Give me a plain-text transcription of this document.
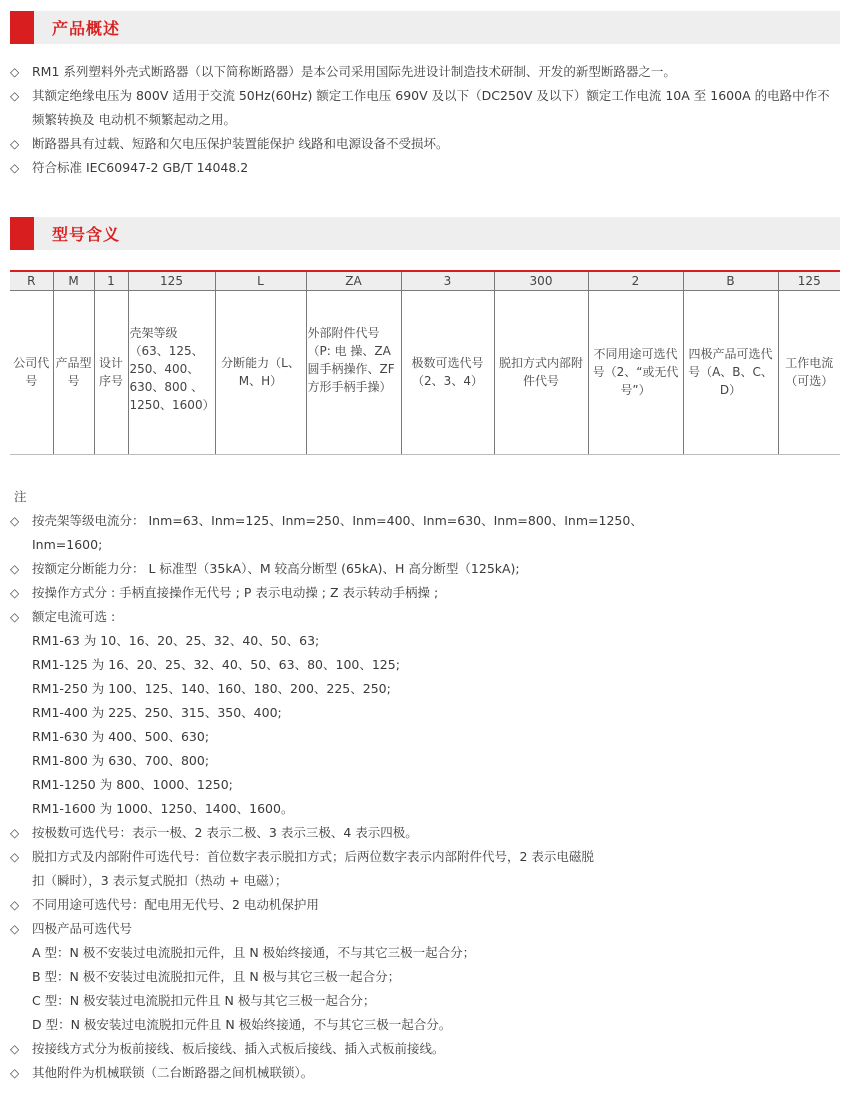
产品概述
◇	RM1 系列塑料外壳式断路器（以下简称断路器）是本公司采用国际先进设计制造技术研制、开发的新型断路器之一。
◇	其额定绝缘电压为 800V 适用于交流 50Hz(60Hz) 额定工作电压 690V 及以下（DC250V 及以下）额定工作电流 10A 至 1600A 的电路中作不频繁转换及 电动机不频繁起动之用。
◇	断路器具有过载、短路和欠电压保护装置能保护 线路和电源设备不受损坏。
◇	符合标准 IEC60947-2 GB/T 14048.2
型号含义
R	M	1	125	L	ZA	3	300	2	B	125
公司代号	产品型号	设计序号	壳架等级（63、125、250、400、630、800 、1250、1600）	分断能力（L、M、H）	外部附件代号（P: 电 操、ZA 圆手柄操作、ZF 方形手柄手操）	极数可选代号（2、3、4）	脱扣方式内部附件代号	不同用途可选代号（2、“或无代号”）	四极产品可选代号（A、B、C、D）	工作电流（可选）
注
◇	按壳架等级电流分： Inm=63、Inm=125、Inm=250、Inm=400、Inm=630、Inm=800、Inm=1250、
Inm=1600;
◇	按额定分断能力分： L 标准型（35kA）、M 较高分断型 (65kA)、H 高分断型（125kA);
◇	按操作方式分 : 手柄直接操作无代号 ; P 表示电动操 ; Z 表示转动手柄操 ;
◇	额定电流可选 :
RM1-63 为 10、16、20、25、32、40、50、63;
RM1-125 为 16、20、25、32、40、50、63、80、100、125;
RM1-250 为 100、125、140、160、180、200、225、250;
RM1-400 为 225、250、315、350、400;
RM1-630 为 400、500、630;
RM1-800 为 630、700、800;
RM1-1250 为 800、1000、1250;
RM1-1600 为 1000、1250、1400、1600。
◇	按极数可选代号：表示一极、2 表示二极、3 表示三极、4 表示四极。
◇	脱扣方式及内部附件可选代号：首位数字表示脱扣方式；后两位数字表示内部附件代号，2 表示电磁脱
扣（瞬时），3 表示复式脱扣（热动 + 电磁）；
◇	不同用途可选代号：配电用无代号、2 电动机保护用
◇	四极产品可选代号
A 型：N 极不安装过电流脱扣元件，且 N 极始终接通，不与其它三极一起合分；
B 型：N 极不安装过电流脱扣元件，且 N 极与其它三极一起合分；
C 型：N 极安装过电流脱扣元件且 N 极与其它三极一起合分；
D 型：N 极安装过电流脱扣元件且 N 极始终接通，不与其它三极一起合分。
◇	按接线方式分为板前接线、板后接线、插入式板后接线、插入式板前接线。
◇	其他附件为机械联锁（二台断路器之间机械联锁）。
